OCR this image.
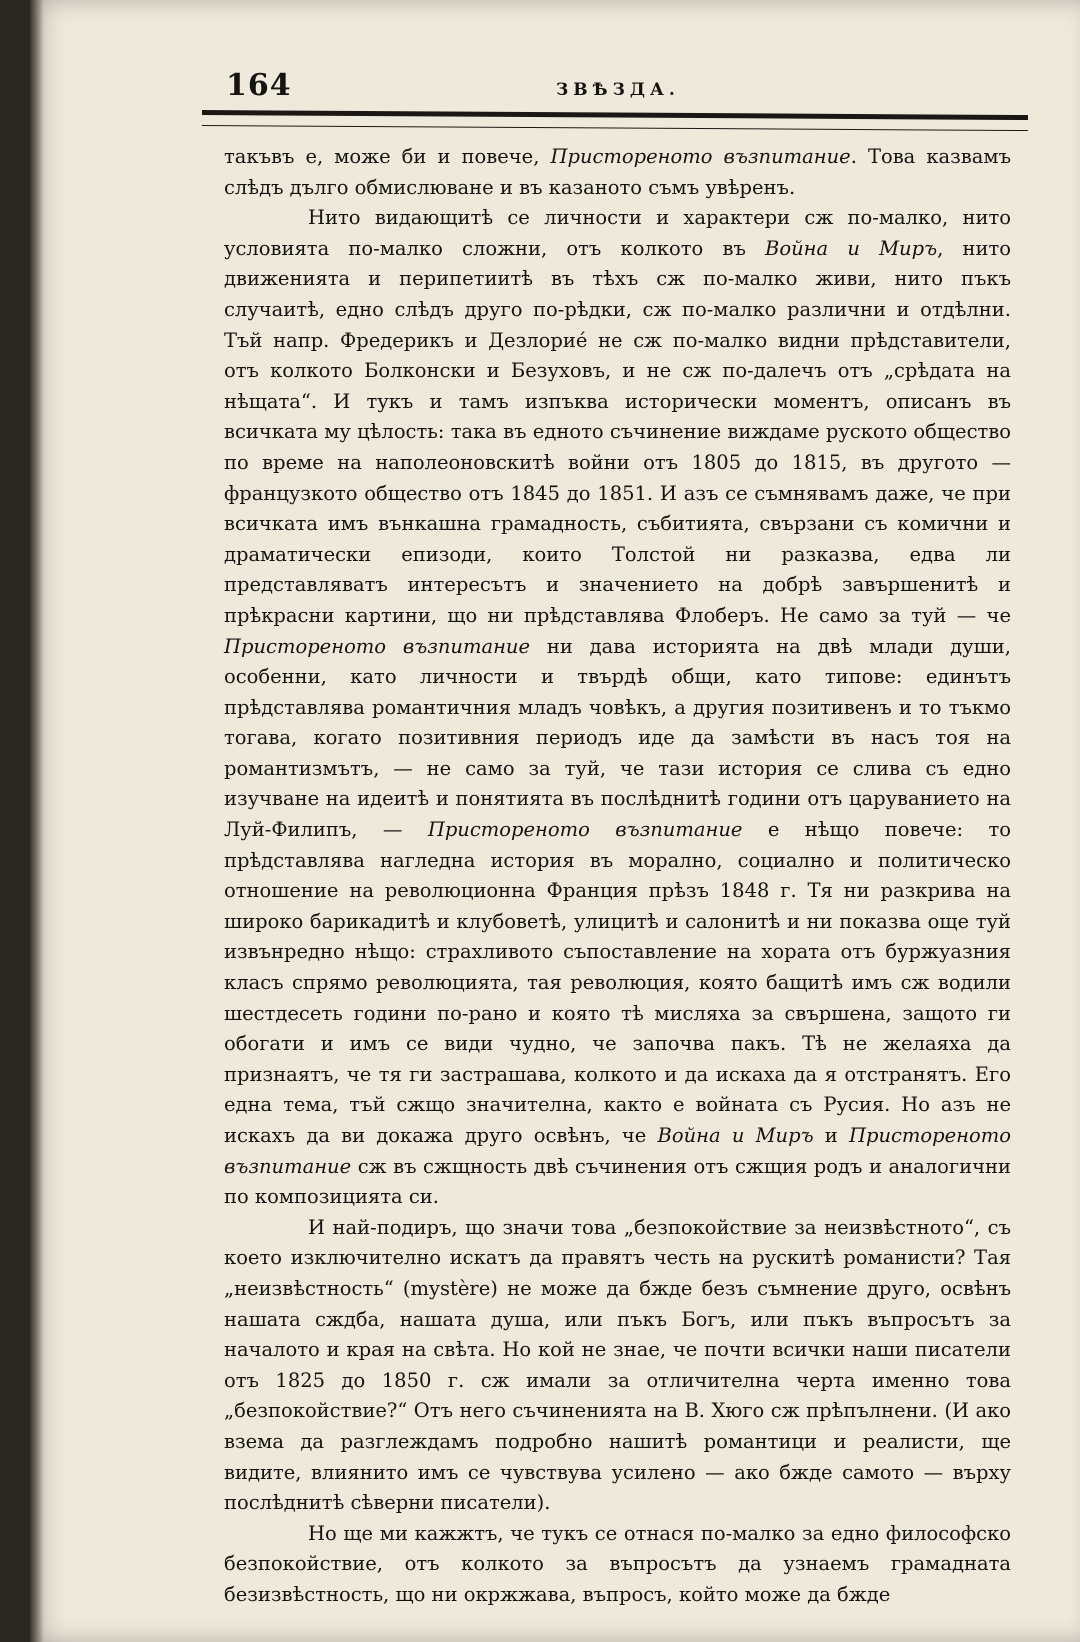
164	ЗВѢЗДА.

такъвъ е, може би и повече, Пристореното възпитание. Това казвамъ слѣдъ дълго обмислюване и въ казаното съмъ увѣренъ.

Нито видающитѣ се личности и характери сж по-малко, нито условията по-малко сложни, отъ колкото въ Война и Миръ, нито движенията и перипетиитѣ въ тѣхъ сж по-малко живи, нито пъкъ случаитѣ, едно слѣдъ друго по-рѣдки, сж по-малко различни и отдѣлни. Тъй напр. Фредерикъ и Дезлорие́ не сж по-малко видни прѣдставители, отъ колкото Болконски и Безуховъ, и не сж по-далечъ отъ „срѣдата на нѣщата“. И тукъ и тамъ изпъква исторически моментъ, описанъ въ всичката му цѣлость: така въ едното съчинение виждаме руското общество по време на наполеоновскитѣ войни отъ 1805 до 1815, въ другото —французкото общество отъ 1845 до 1851. И азъ се съмнявамъ даже, че при всичката имъ вънкашна грамадность, събитията, свързани съ комични и драматически епизоди, които Толстой ни разказва, едва ли представляватъ интересътъ и значението на добрѣ завършенитѣ и прѣкрасни картини, що ни прѣдставлява Флоберъ. Не само за туй — че Пристореното възпитание ни дава историята на двѣ млади души, особенни, като личности и твърдѣ общи, като типове: единътъ прѣдставлява романтичния младъ човѣкъ, а другия позитивенъ и то тъкмо тогава, когато позитивния периодъ иде да замѣсти въ насъ тоя на романтизмътъ, — не само за туй, че тази история се слива съ едно изучване на идеитѣ и понятията въ послѣднитѣ години отъ царуванието на Луй-Филипъ, — Пристореното възпитание е нѣщо повече: то прѣдставлява нагледна история въ морално, социално и политическо отношение на революционна Франция прѣзъ 1848 г. Тя ни разкрива на широко барикадитѣ и клубоветѣ, улицитѣ и салонитѣ и ни показва още туй извънредно нѣщо: страхливото съпоставление на хората отъ буржуазния класъ спрямо революцията, тая революция, която бащитѣ имъ сж водили шестдесеть години по-рано и която тѣ мисляха за свършена, защото ги обогати и имъ се види чудно, че започва пакъ. Тѣ не желаяха да признаятъ, че тя ги застрашава, колкото и да искаха да я отстранятъ. Его една тема, тъй сжщо значителна, както е войната съ Русия. Но азъ не искахъ да ви докажа друго освѣнъ, че Война и Миръ и Пристореното възпитание сж въ сжщность двѣ съчинения отъ сжщия родъ и аналогични по композицията си.

И най-подиръ, що значи това „безпокойствие за неизвѣстното“, съ което изключително искатъ да правятъ честь на рускитѣ романисти? Тая „неизвѣстность“ (mystère) не може да бжде безъ съмнение друго, освѣнъ нашата сждба, нашата душа, или пъкъ Богъ, или пъкъ въпросътъ за началото и края на свѣта. Но кой не знае, че почти всички наши писатели отъ 1825 до 1850 г. сж имали за отличителна черта именно това „безпокойствие?“ Отъ него съчиненията на В. Хюго сж прѣпълнени. (И ако взема да разглеждамъ подробно нашитѣ романтици и реалисти, ще видите, влиянито имъ се чувствува усилено — ако бжде самото — върху послѣднитѣ сѣверни писатели).

Но ще ми кажжтъ, че тукъ се отнася по-малко за едно философско безпокойствие, отъ колкото за въпросътъ да узнаемъ грамадната безизвѣстность, що ни окржжава, въпросъ, който може да бжде
